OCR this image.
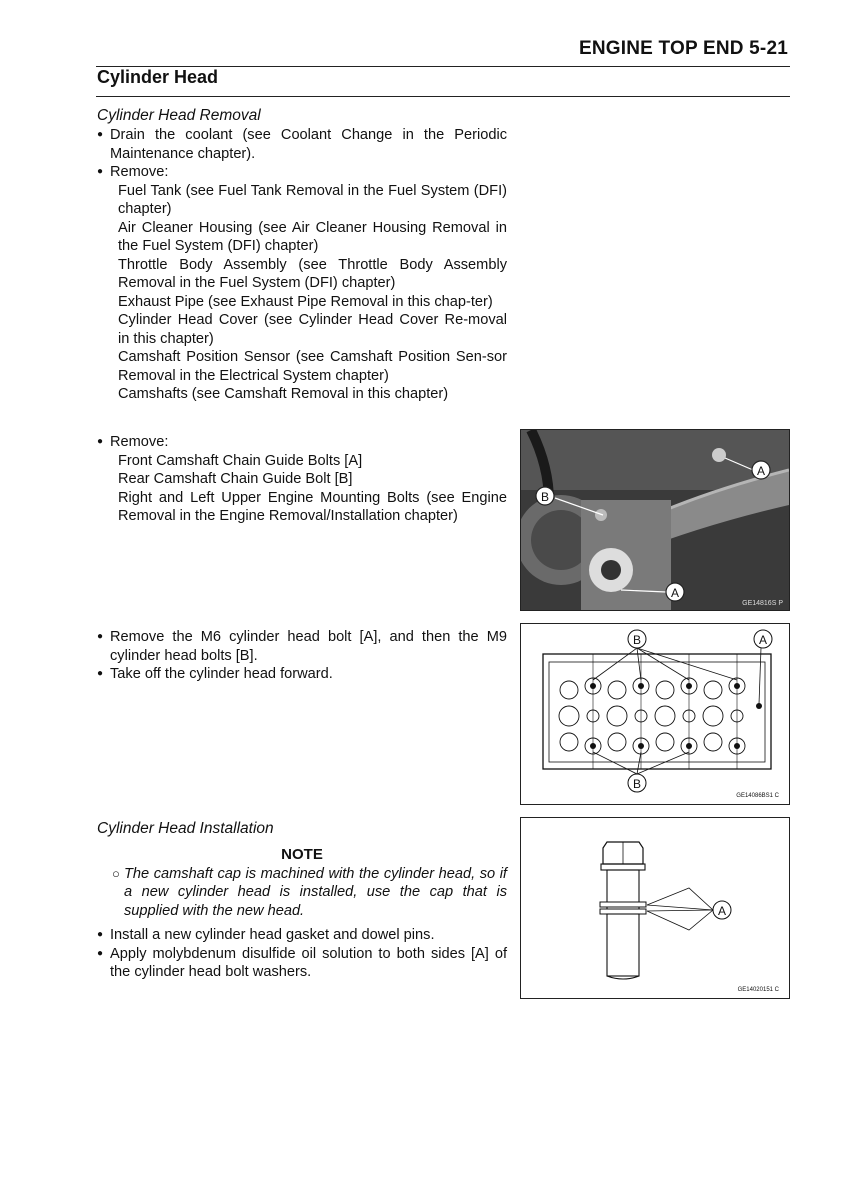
ENGINE TOP END 5-21
Cylinder Head
Cylinder Head Removal
● Drain the coolant (see Coolant Change in the Periodic Maintenance chapter).
● Remove:
Fuel Tank (see Fuel Tank Removal in the Fuel System (DFI) chapter)
Air Cleaner Housing (see Air Cleaner Housing Removal in the Fuel System (DFI) chapter)
Throttle Body Assembly (see Throttle Body Assembly Removal in the Fuel System (DFI) chapter)
Exhaust Pipe (see Exhaust Pipe Removal in this chap-ter)
Cylinder Head Cover (see Cylinder Head Cover Re-moval in this chapter)
Camshaft Position Sensor (see Camshaft Position Sen-sor Removal in the Electrical System chapter)
Camshafts (see Camshaft Removal in this chapter)
● Remove:
Front Camshaft Chain Guide Bolts [A]
Rear Camshaft Chain Guide Bolt [B]
Right and Left Upper Engine Mounting Bolts (see Engine Removal in the Engine Removal/Installation chapter)
● Remove the M6 cylinder head bolt [A], and then the M9 cylinder head bolts [B].
● Take off the cylinder head forward.
Cylinder Head Installation
NOTE
○ The camshaft cap is machined with the cylinder head, so if a new cylinder head is installed, use the cap that is supplied with the new head.
● Install a new cylinder head gasket and dowel pins.
● Apply molybdenum disulfide oil solution to both sides [A] of the cylinder head bolt washers.
A
B
A
GE14816S P
B	A
B
GE14086BS1 C
A
GE14020151 C
